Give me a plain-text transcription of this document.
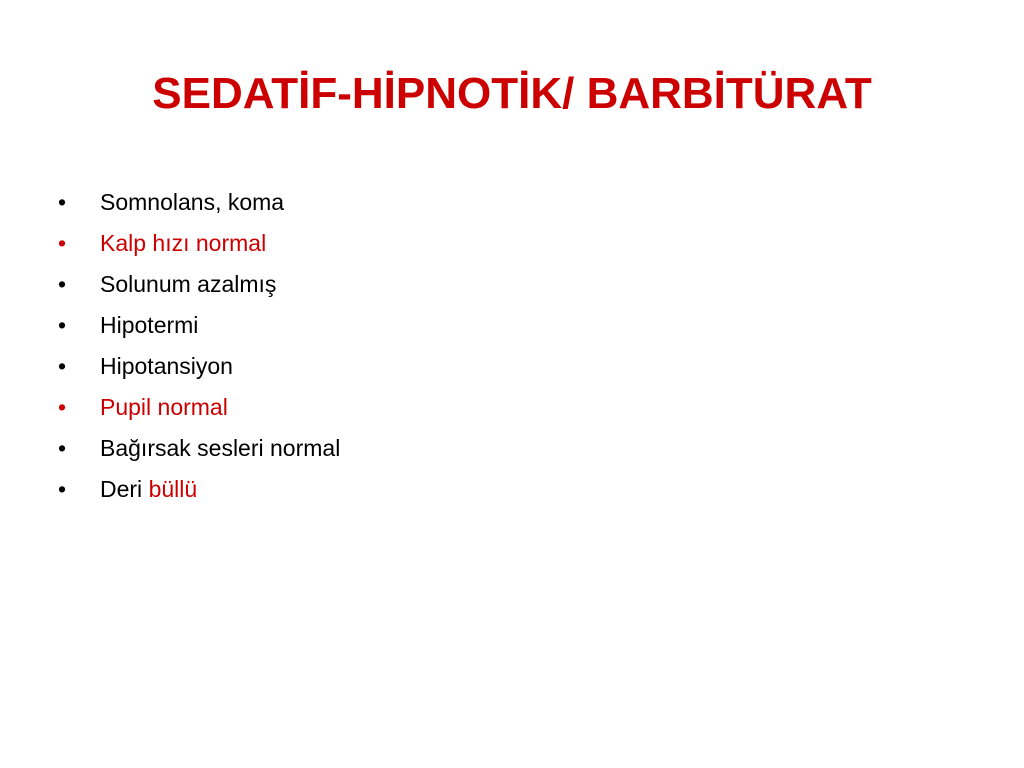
SEDATİF-HİPNOTİK/ BARBİTÜRAT
•	Somnolans, koma
•	Kalp hızı normal
•	Solunum azalmış
•	Hipotermi
•	Hipotansiyon
•	Pupil normal
•	Bağırsak sesleri normal
•	Deri
büllü
